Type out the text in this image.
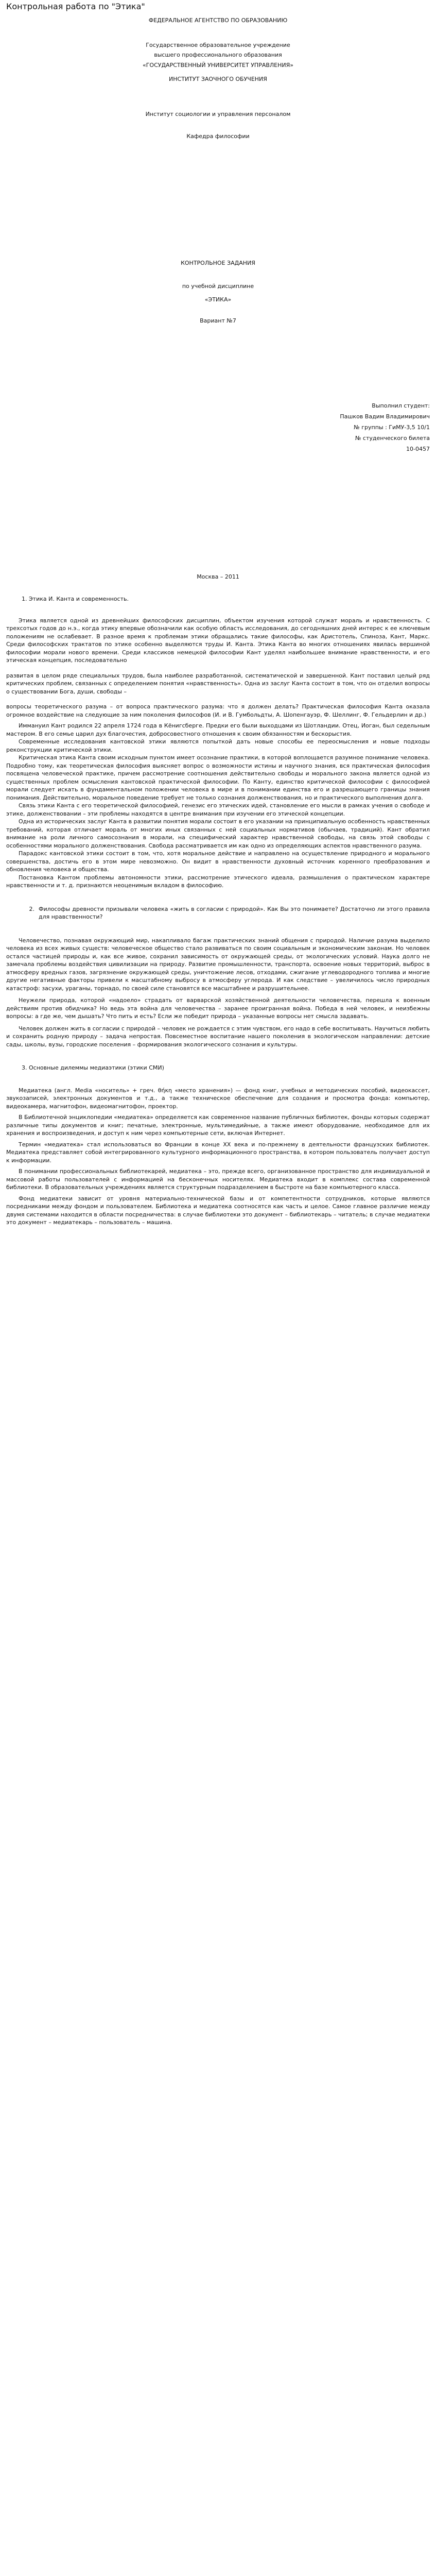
Контрольная работа по "Этика"

ФЕДЕРАЛЬНОЕ АГЕНТСТВО ПО ОБРАЗОВАНИЮ

Государственное образовательное учреждение

высшего профессионального образования

«ГОСУДАРСТВЕННЫЙ УНИВЕРСИТЕТ УПРАВЛЕНИЯ»

ИНСТИТУТ ЗАОЧНОГО ОБУЧЕНИЯ

Институт социологии и управления персоналом

Кафедра философии

КОНТРОЛЬНОЕ ЗАДАНИЯ

по учебной дисциплине

«ЭТИКА»

Вариант №7

Выполнил студент:

Пашков Вадим Владимирович

№ группы : ГиМУ-3,5 10/1

№ студенческого билета

10-0457

Москва – 2011

1. Этика И. Канта и современность.

Этика является одной из древнейших философских дисциплин, объектом изучения которой служат мораль и нравственность. С трехсотых годов до н.э., когда этику впервые обозначили как особую область исследования, до сегодняшних дней интерес к ее ключевым положениям не ослабевает. В разное время к проблемам этики обращались такие философы, как Аристотель, Спиноза, Кант, Маркс. Среди философских трактатов по этике особенно выделяются труды И. Канта. Этика Канта во многих отношениях явилась вершиной философии морали нового времени. Среди классиков немецкой философии Кант уделял наибольшее внимание нравственности, и его этическая концепция, последовательно

развитая в целом ряде специальных трудов, была наиболее разработанной, систематической и завершенной. Кант поставил целый ряд критических проблем, связанных с определением понятия «нравственность». Одна из заслуг Канта состоит в том, что он отделил вопросы о существовании Бога, души, свободы –

вопросы теоретического разума – от вопроса практического разума: что я должен делать? Практическая философия Канта оказала огромное воздействие на следующие за ним поколения философов (И. и В. Гумбольдты, А. Шопенгауэр, Ф. Шеллинг, Ф. Гельдерлин и др.)

Иммануил Кант родился 22 апреля 1724 года в Кёнигсберге. Предки его были выходцами из Шотландии. Отец, Иоган, был седельным мастером. В его семье царил дух благочестия, добросовестного отношения к своим обязанностям и бескорыстия.

Современные исследования кантовской этики являются попыткой дать новые способы ее переосмысления и новые подходы реконструкции критической этики.

Критическая этика Канта своим исходным пунктом имеет осознание практики, в которой воплощается разумное понимание человека. Подробно тому, как теоретическая философия выясняет вопрос о возможности истины и научного знания, вся практическая философия посвящена человеческой практике, причем рассмотрение соотношения действительно свободы и морального закона является одной из существенных проблем осмысления кантовской практической философии. По Канту, единство критической философии с философией морали следует искать в фундаментальном положении человека в мире и в понимании единства его и разрешающего границы знания понимания. Действительно, моральное поведение требует не только сознания долженствования, но и практического выполнения долга.

Связь этики Канта с его теоретической философией, генезис его этических идей, становление его мысли в рамках учения о свободе и этике, долженствовании – эти проблемы находятся в центре внимания при изучении его этической концепции.

Одна из исторических заслуг Канта в развитии понятия морали состоит в его указании на принципиальную особенность нравственных требований, которая отличает мораль от многих иных связанных с ней социальных нормативов (обычаев, традиций). Кант обратил внимание на роли личного самосознания в морали, на специфический характер нравственной свободы, на связь этой свободы с особенностями морального долженствования. Свобода рассматривается им как одно из определяющих аспектов нравственного разума.

Парадокс кантовской этики состоит в том, что, хотя моральное действие и направлено на осуществление природного и морального совершенства, достичь его в этом мире невозможно. Он видит в нравственности духовный источник коренного преобразования и обновления человека и общества.

Постановка Кантом проблемы автономности этики, рассмотрение этического идеала, размышления о практическом характере нравственности и т. д. признаются неоценимым вкладом в философию.

2. Философы древности призывали человека «жить в согласии с природой». Как Вы это понимаете? Достаточно ли этого правила для нравственности?

Человечество, познавая окружающий мир, накапливало багаж практических знаний общения с природой. Наличие разума выделило человека из всех живых существ: человеческое общество стало развиваться по своим социальным и экономическим законам. Но человек остался частицей природы и, как все живое, сохранил зависимость от окружающей среды, от экологических условий. Наука долго не замечала проблемы воздействия цивилизации на природу. Развитие промышленности, транспорта, освоение новых территорий, выброс в атмосферу вредных газов, загрязнение окружающей среды, уничтожение лесов, отходами, сжигание углеводородного топлива и многие другие негативные факторы привели к масштабному выбросу в атмосферу углерода. И как следствие – увеличилось число природных катастроф: засухи, ураганы, торнадо, по своей силе становятся все масштабнее и разрушительнее.

Неужели природа, которой «надоело» страдать от варварской хозяйственной деятельности человечества, перешла к военным действиям против обидчика? Но ведь эта война для человечества – заранее проигранная война. Победа в ней человек, и неизбежны вопросы: а где же, чем дышать? Что пить и есть? Если же победит природа – указанные вопросы нет смысла задавать.

Человек должен жить в согласии с природой – человек не рождается с этим чувством, его надо в себе воспитывать. Научиться любить и сохранить родную природу – задача непростая. Повсеместное воспитание нашего поколения в экологическом направлении: детские сады, школы, вузы, городские поселения – формирования экологического сознания и культуры.

3. Основные дилеммы медиаэтики (этики СМИ)

Медиатека (англ. Media «носитель» + греч. θήκη «место хранения») — фонд книг, учебных и методических пособий, видеокассет, звукозаписей, электронных документов и т.д., а также техническое обеспечение для создания и просмотра фонда: компьютер, видеокамера, магнитофон, видеомагнитофон, проектор.

В Библиотечной энциклопедии «медиатека» определяется как современное название публичных библиотек, фонды которых содержат различные типы документов и книг; печатные, электронные, мультимедийные, а также имеют оборудование, необходимое для их хранения и воспроизведения, и доступ к ним через компьютерные сети, включая Интернет.

Термин «медиатека» стал использоваться во Франции в конце XX века и по-прежнему в деятельности французских библиотек. Медиатека представляет собой интегрированного культурного информационного пространства, в котором пользователь получает доступ к информации.

В понимании профессиональных библиотекарей, медиатека – это, прежде всего, организованное пространство для индивидуальной и массовой работы пользователей с информацией на бесконечных носителях. Медиатека входит в комплекс состава современной библиотеки. В образовательных учреждениях является структурным подразделением в быстроте на базе компьютерного класса.

Фонд медиатеки зависит от уровня материально-технической базы и от компетентности сотрудников, которые являются посредниками между фондом и пользователем. Библиотека и медиатека соотносятся как часть и целое. Самое главное различие между двумя системами находится в области посредничества: в случае библиотеки это документ – библиотекарь – читатель; в случае медиатеки это документ – медиатекарь – пользователь – машина.
